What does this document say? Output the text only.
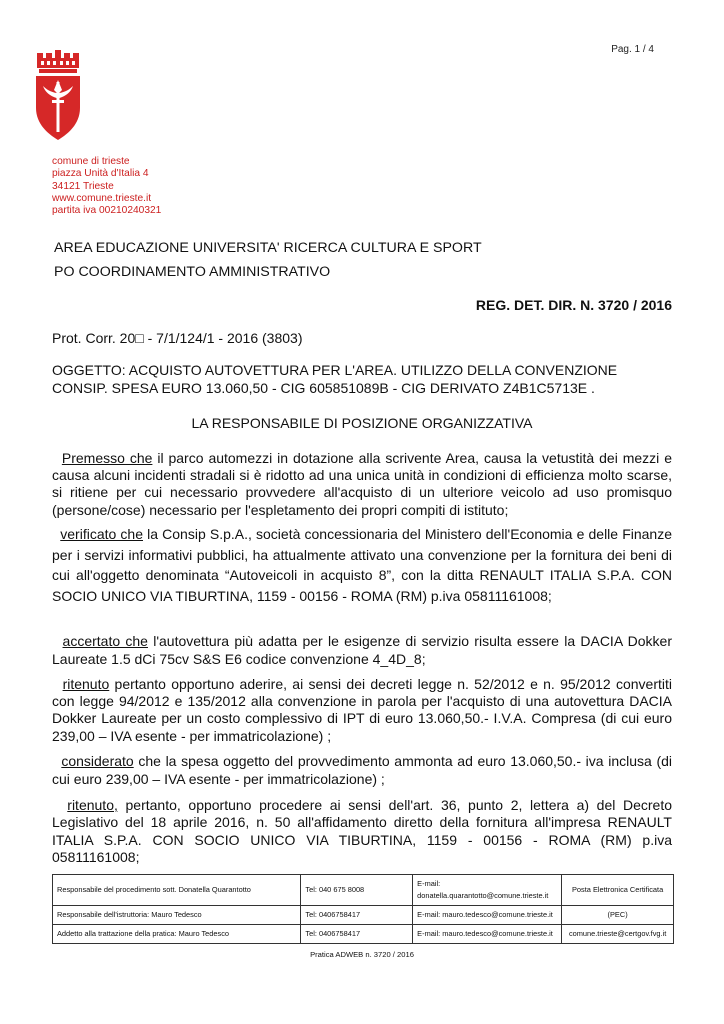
Pag. 1 / 4
comune di trieste
piazza Unità d'Italia 4
34121 Trieste
www.comune.trieste.it
partita iva 00210240321
AREA EDUCAZIONE UNIVERSITA' RICERCA CULTURA E SPORT
PO COORDINAMENTO AMMINISTRATIVO
REG. DET. DIR. N. 3720 / 2016
Prot. Corr. 20□ - 7/1/124/1 - 2016 (3803)
OGGETTO: ACQUISTO AUTOVETTURA PER L'AREA. UTILIZZO DELLA CONVENZIONE CONSIP. SPESA EURO 13.060,50 - CIG 605851089B - CIG DERIVATO Z4B1C5713E .
LA RESPONSABILE DI POSIZIONE ORGANIZZATIVA

Premesso che il parco automezzi in dotazione alla scrivente Area, causa la vetustità dei mezzi e causa alcuni incidenti stradali si è ridotto ad una unica unità in condizioni di efficienza molto scarse, si ritiene per cui necessario provvedere all'acquisto di un ulteriore veicolo ad uso promisquo (persone/cose) necessario per l'espletamento dei propri compiti di istituto;

verificato che la Consip S.p.A., società concessionaria del Ministero dell'Economia e delle Finanze per i servizi informativi pubblici, ha attualmente attivato una convenzione per la fornitura dei beni di cui all'oggetto denominata “Autoveicoli in acquisto 8”, con la ditta RENAULT ITALIA S.P.A. CON SOCIO UNICO VIA TIBURTINA, 1159 - 00156 - ROMA (RM) p.iva 05811161008;

accertato che l'autovettura più adatta per le esigenze di servizio risulta essere la DACIA Dokker Laureate 1.5 dCi 75cv S&S E6 codice convenzione 4_4D_8;

ritenuto pertanto opportuno aderire, ai sensi dei decreti legge n. 52/2012 e n. 95/2012 convertiti con legge 94/2012 e 135/2012 alla convenzione in parola per l'acquisto di una autovettura DACIA Dokker Laureate per un costo complessivo di IPT di euro 13.060,50.- I.V.A. Compresa (di cui euro 239,00 – IVA esente - per immatricolazione) ;

considerato che la spesa oggetto del provvedimento ammonta ad euro 13.060,50.- iva inclusa (di cui euro 239,00 – IVA esente - per immatricolazione) ;

ritenuto, pertanto, opportuno procedere ai sensi dell'art. 36, punto 2, lettera a) del Decreto Legislativo del 18 aprile 2016, n. 50 all'affidamento diretto della fornitura all'impresa RENAULT ITALIA S.P.A. CON SOCIO UNICO VIA TIBURTINA, 1159 - 00156 - ROMA (RM) p.iva 05811161008;

Responsabile del procedimento sott. Donatella Quarantotto	Tel: 040 675 8008	E-mail:
donatella.quarantotto@comune.trieste.it	Posta Elettronica Certificata
Responsabile dell'istruttoria: Mauro Tedesco	Tel: 0406758417	E-mail: mauro.tedesco@comune.trieste.it	(PEC)
Addetto alla trattazione della pratica: Mauro Tedesco	Tel: 0406758417	E-mail: mauro.tedesco@comune.trieste.it	comune.trieste@certgov.fvg.it
Pratica ADWEB n. 3720 / 2016
